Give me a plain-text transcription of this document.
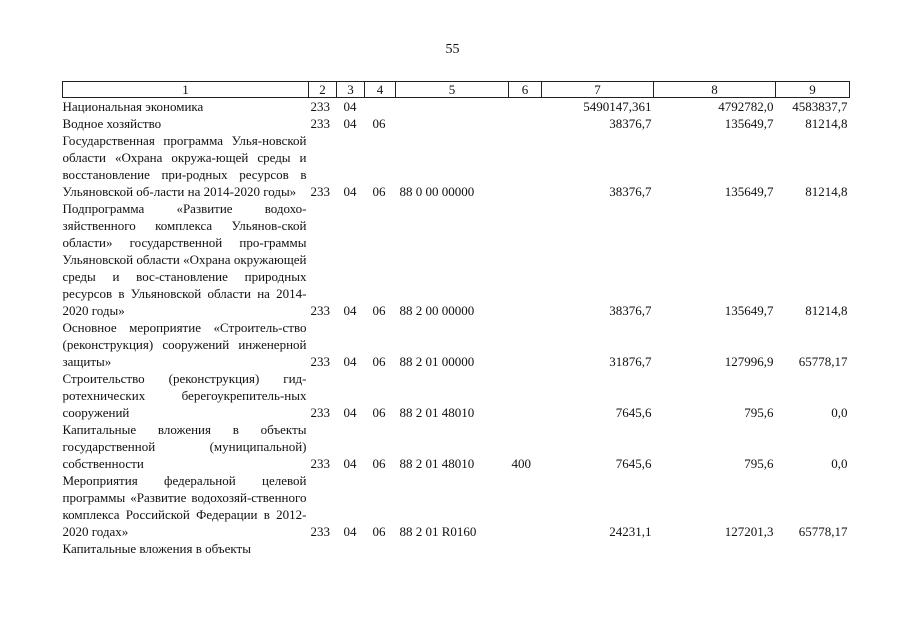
55
1	2	3	4	5	6	7	8	9
Национальная экономика	233	04				5490147,361	4792782,0	4583837,7
Водное хозяйство	233	04	06			38376,7	135649,7	81214,8
Государственная программа Улья-новской области «Охрана окружа-ющей среды и восстановление при-родных ресурсов в Ульяновской об-ласти на 2014-2020 годы»	233	04	06	88 0 00 00000		38376,7	135649,7	81214,8
Подпрограмма «Развитие водохо-зяйственного комплекса Ульянов-ской области» государственной про-граммы Ульяновской области «Охрана окружающей среды и вос-становление природных ресурсов в Ульяновской области на 2014-2020 годы»	233	04	06	88 2 00 00000		38376,7	135649,7	81214,8
Основное мероприятие «Строитель-ство (реконструкция) сооружений инженерной защиты»	233	04	06	88 2 01 00000		31876,7	127996,9	65778,17
Строительство (реконструкция) гид-ротехнических берегоукрепитель-ных сооружений	233	04	06	88 2 01 48010		7645,6	795,6	0,0
Капитальные вложения в объекты государственной (муниципальной) собственности	233	04	06	88 2 01 48010	400	7645,6	795,6	0,0
Мероприятия федеральной целевой программы «Развитие водохозяй-ственного комплекса Российской Федерации в 2012-2020 годах»	233	04	06	88 2 01 R0160		24231,1	127201,3	65778,17
Капитальные вложения в объекты								
